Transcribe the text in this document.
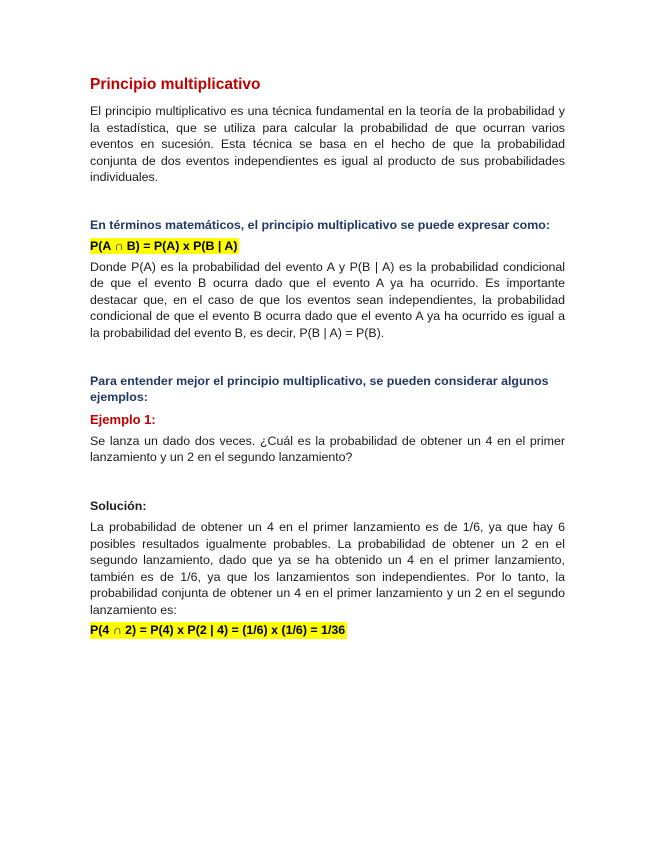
Principio multiplicativo

El principio multiplicativo es una técnica fundamental en la teoría de la probabilidad y la estadística, que se utiliza para calcular la probabilidad de que ocurran varios eventos en sucesión. Esta técnica se basa en el hecho de que la probabilidad conjunta de dos eventos independientes es igual al producto de sus probabilidades individuales.

En términos matemáticos, el principio multiplicativo se puede expresar como:
P(A ∩ B) = P(A) x P(B | A)

Donde P(A) es la probabilidad del evento A y P(B | A) es la probabilidad condicional de que el evento B ocurra dado que el evento A ya ha ocurrido. Es importante destacar que, en el caso de que los eventos sean independientes, la probabilidad condicional de que el evento B ocurra dado que el evento A ya ha ocurrido es igual a la probabilidad del evento B, es decir, P(B | A) = P(B).

Para entender mejor el principio multiplicativo, se pueden considerar algunos ejemplos:
Ejemplo 1:

Se lanza un dado dos veces. ¿Cuál es la probabilidad de obtener un 4 en el primer lanzamiento y un 2 en el segundo lanzamiento?

Solución:

La probabilidad de obtener un 4 en el primer lanzamiento es de 1/6, ya que hay 6 posibles resultados igualmente probables. La probabilidad de obtener un 2 en el segundo lanzamiento, dado que ya se ha obtenido un 4 en el primer lanzamiento, también es de 1/6, ya que los lanzamientos son independientes. Por lo tanto, la probabilidad conjunta de obtener un 4 en el primer lanzamiento y un 2 en el segundo lanzamiento es:

P(4 ∩ 2) = P(4) x P(2 | 4) = (1/6) x (1/6) = 1/36
